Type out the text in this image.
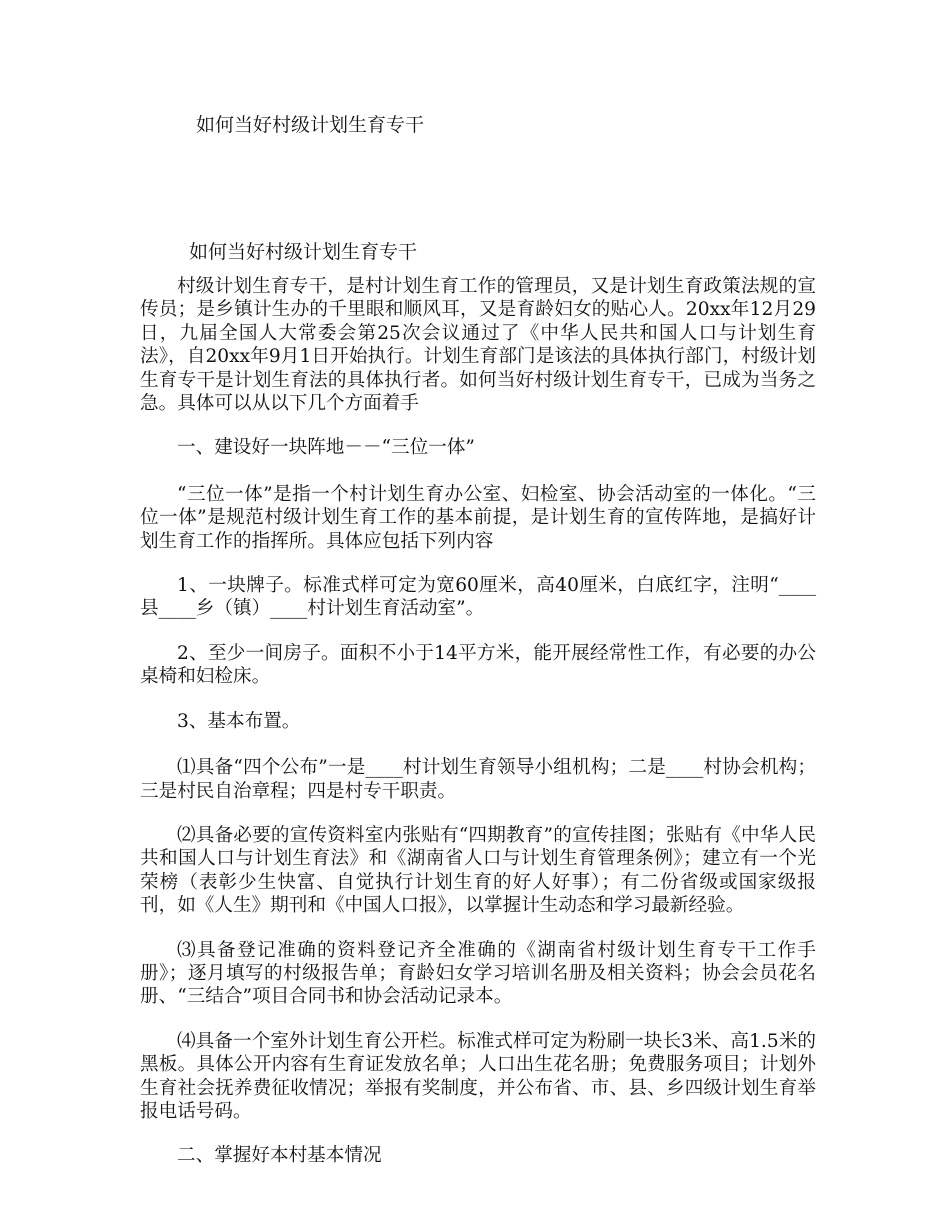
如何当好村级计划生育专干
如何当好村级计划生育专干

村级计划生育专干，是村计划生育工作的管理员，又是计划生育政策法规的宣传员；是乡镇计生办的千里眼和顺风耳，又是育龄妇女的贴心人。20xx年12月29日，九届全国人大常委会第25次会议通过了《中华人民共和国人口与计划生育法》，自20xx年9月1日开始执行。计划生育部门是该法的具体执行部门，村级计划生育专干是计划生育法的具体执行者。如何当好村级计划生育专干，已成为当务之急。具体可以从以下几个方面着手

一、建设好一块阵地－－“三位一体”

“三位一体”是指一个村计划生育办公室、妇检室、协会活动室的一体化。“三位一体”是规范村级计划生育工作的基本前提，是计划生育的宣传阵地，是搞好计划生育工作的指挥所。具体应包括下列内容

1、一块牌子。标准式样可定为宽60厘米，高40厘米，白底红字，注明“____县____乡（镇）____村计划生育活动室”。

2、至少一间房子。面积不小于14平方米，能开展经常性工作，有必要的办公桌椅和妇检床。

3、基本布置。

⑴具备“四个公布”一是____村计划生育领导小组机构；二是____村协会机构；三是村民自治章程；四是村专干职责。

⑵具备必要的宣传资料室内张贴有“四期教育”的宣传挂图；张贴有《中华人民共和国人口与计划生育法》和《湖南省人口与计划生育管理条例》；建立有一个光荣榜（表彰少生快富、自觉执行计划生育的好人好事）；有二份省级或国家级报刊，如《人生》期刊和《中国人口报》，以掌握计生动态和学习最新经验。

⑶具备登记准确的资料登记齐全准确的《湖南省村级计划生育专干工作手册》；逐月填写的村级报告单；育龄妇女学习培训名册及相关资料；协会会员花名册、“三结合”项目合同书和协会活动记录本。

⑷具备一个室外计划生育公开栏。标准式样可定为粉刷一块长3米、高1.5米的黑板。具体公开内容有生育证发放名单；人口出生花名册；免费服务项目；计划外生育社会抚养费征收情况；举报有奖制度，并公布省、市、县、乡四级计划生育举报电话号码。

二、掌握好本村基本情况
